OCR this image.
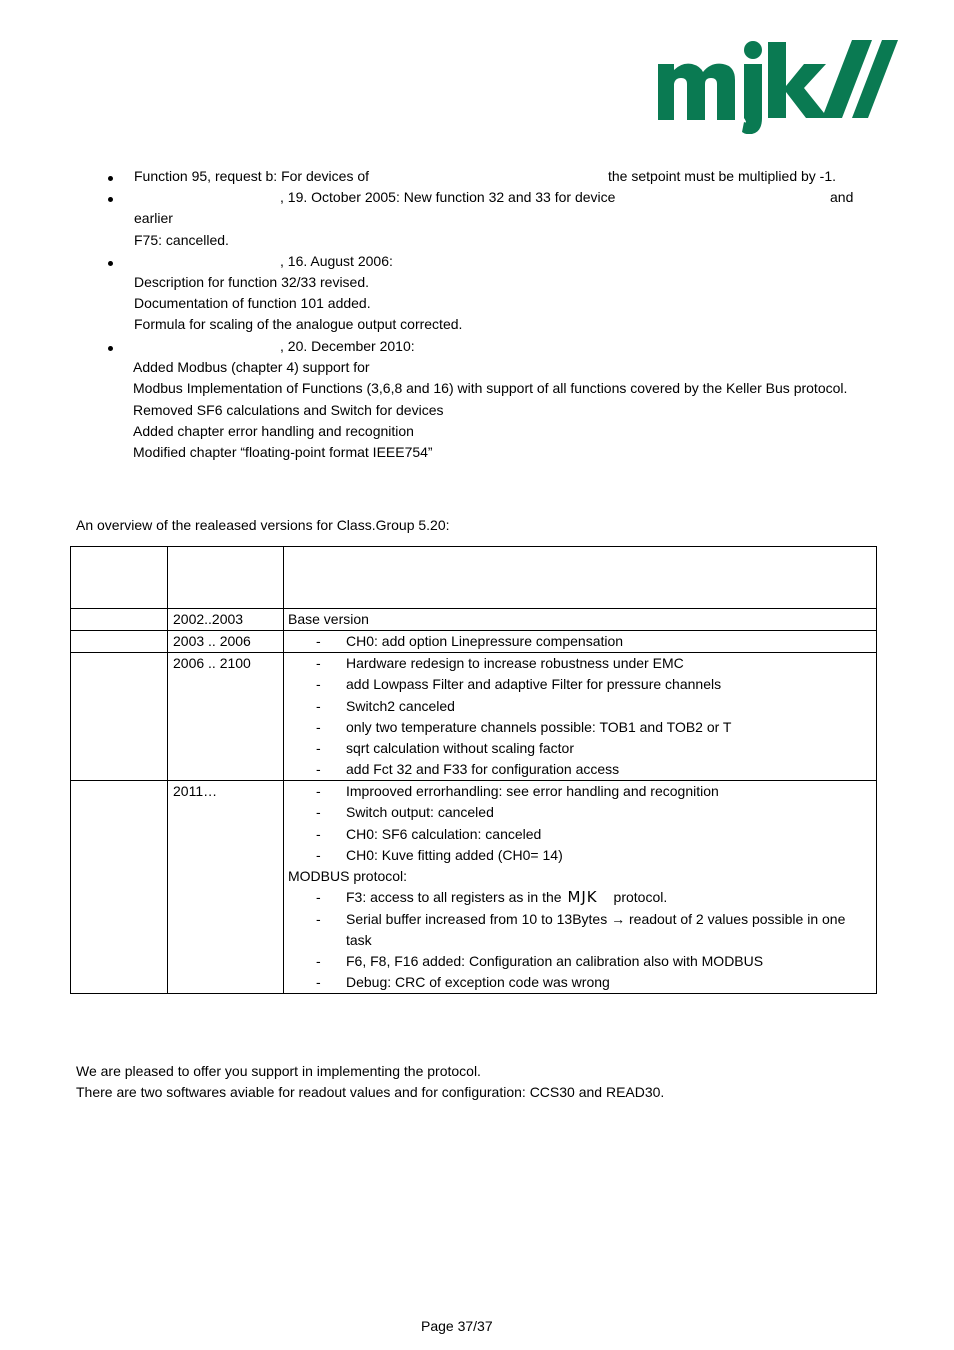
Function 95, request b: For devices of	the setpoint must be multiplied by -1.
, 19. October 2005: New function 32 and 33 for device	and
earlier
F75: cancelled.
, 16. August 2006:
Description for function 32/33 revised.
Documentation of function 101 added.
Formula for scaling of the analogue output corrected.
, 20. December 2010:
Added Modbus (chapter 4) support for
Modbus Implementation of Functions (3,6,8 and 16) with support of all functions covered by the Keller Bus protocol.
Removed SF6 calculations and Switch for devices
Added chapter error handling and recognition
Modified chapter “floating-point format IEEE754”
An overview of the realeased versions for Class.Group 5.20:
2002..2003	Base version
2003 .. 2006	- CH0: add option Linepressure compensation
2006 .. 2100	- Hardware redesign to increase robustness under EMC
- add Lowpass Filter and adaptive Filter for pressure channels
- Switch2 canceled
- only two temperature channels possible: TOB1 and TOB2 or T
- sqrt calculation without scaling factor
- add Fct 32 and F33 for configuration access
2011…	- Improoved errorhandling: see error handling and recognition
- Switch output: canceled
- CH0: SF6 calculation: canceled
- CH0: Kuve fitting added (CH0= 14)
MODBUS protocol:
- F3: access to all registers as in the MJK protocol.
- Serial buffer increased from 10 to 13Bytes → readout of 2 values possible in one
task
- F6, F8, F16 added: Configuration an calibration also with MODBUS
- Debug: CRC of exception code was wrong
We are pleased to offer you support in implementing the protocol.
There are two softwares aviable for readout values and for configuration: CCS30 and READ30.
Page 37/37
